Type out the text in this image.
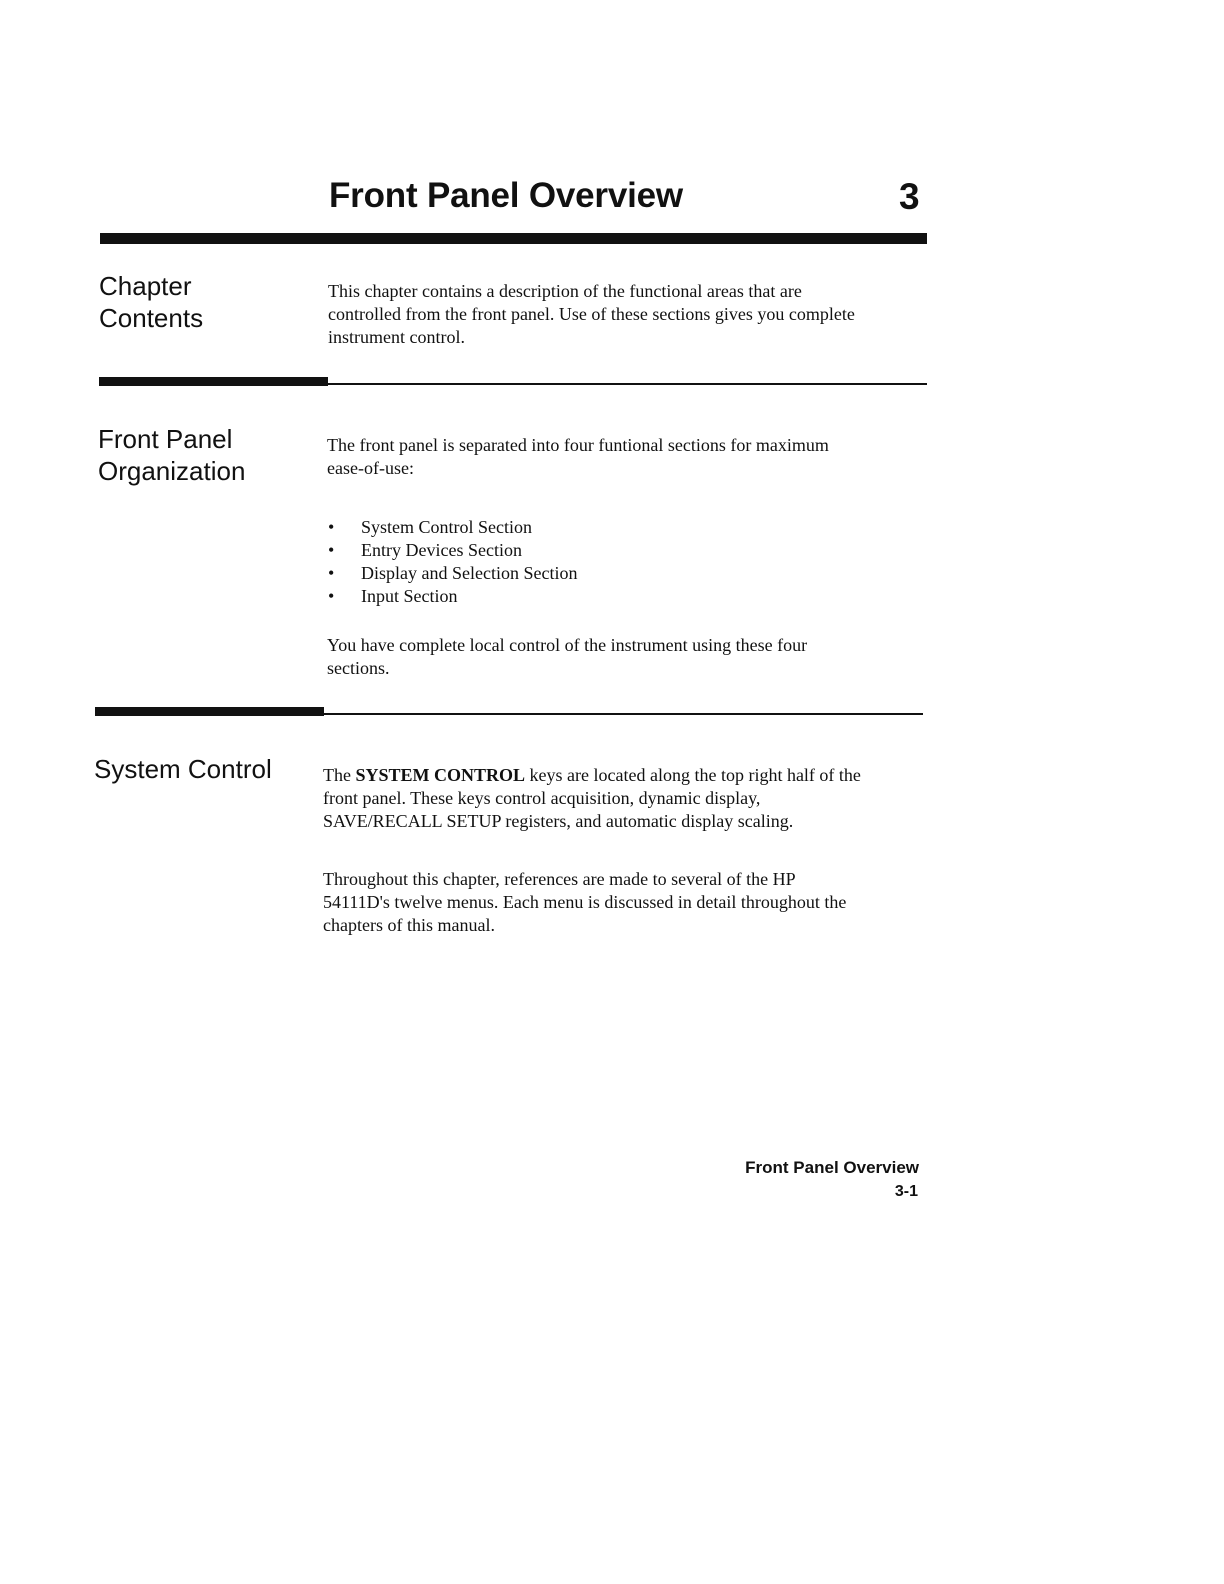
Front Panel Overview	3
Chapter
Contents

This chapter contains a description of the functional areas that are
controlled from the front panel. Use of these sections gives you complete
instrument control.

Front Panel
Organization

The front panel is separated into four funtional sections for maximum
ease-of-use:

• System Control Section
• Entry Devices Section
• Display and Selection Section
• Input Section

You have complete local control of the instrument using these four
sections.

System Control	The SYSTEM CONTROL keys are located along the top right half of the
front panel. These keys control acquisition, dynamic display,
SAVE/RECALL SETUP registers, and automatic display scaling.

Throughout this chapter, references are made to several of the HP
54111D's twelve menus. Each menu is discussed in detail throughout the
chapters of this manual.

Front Panel Overview
3-1
